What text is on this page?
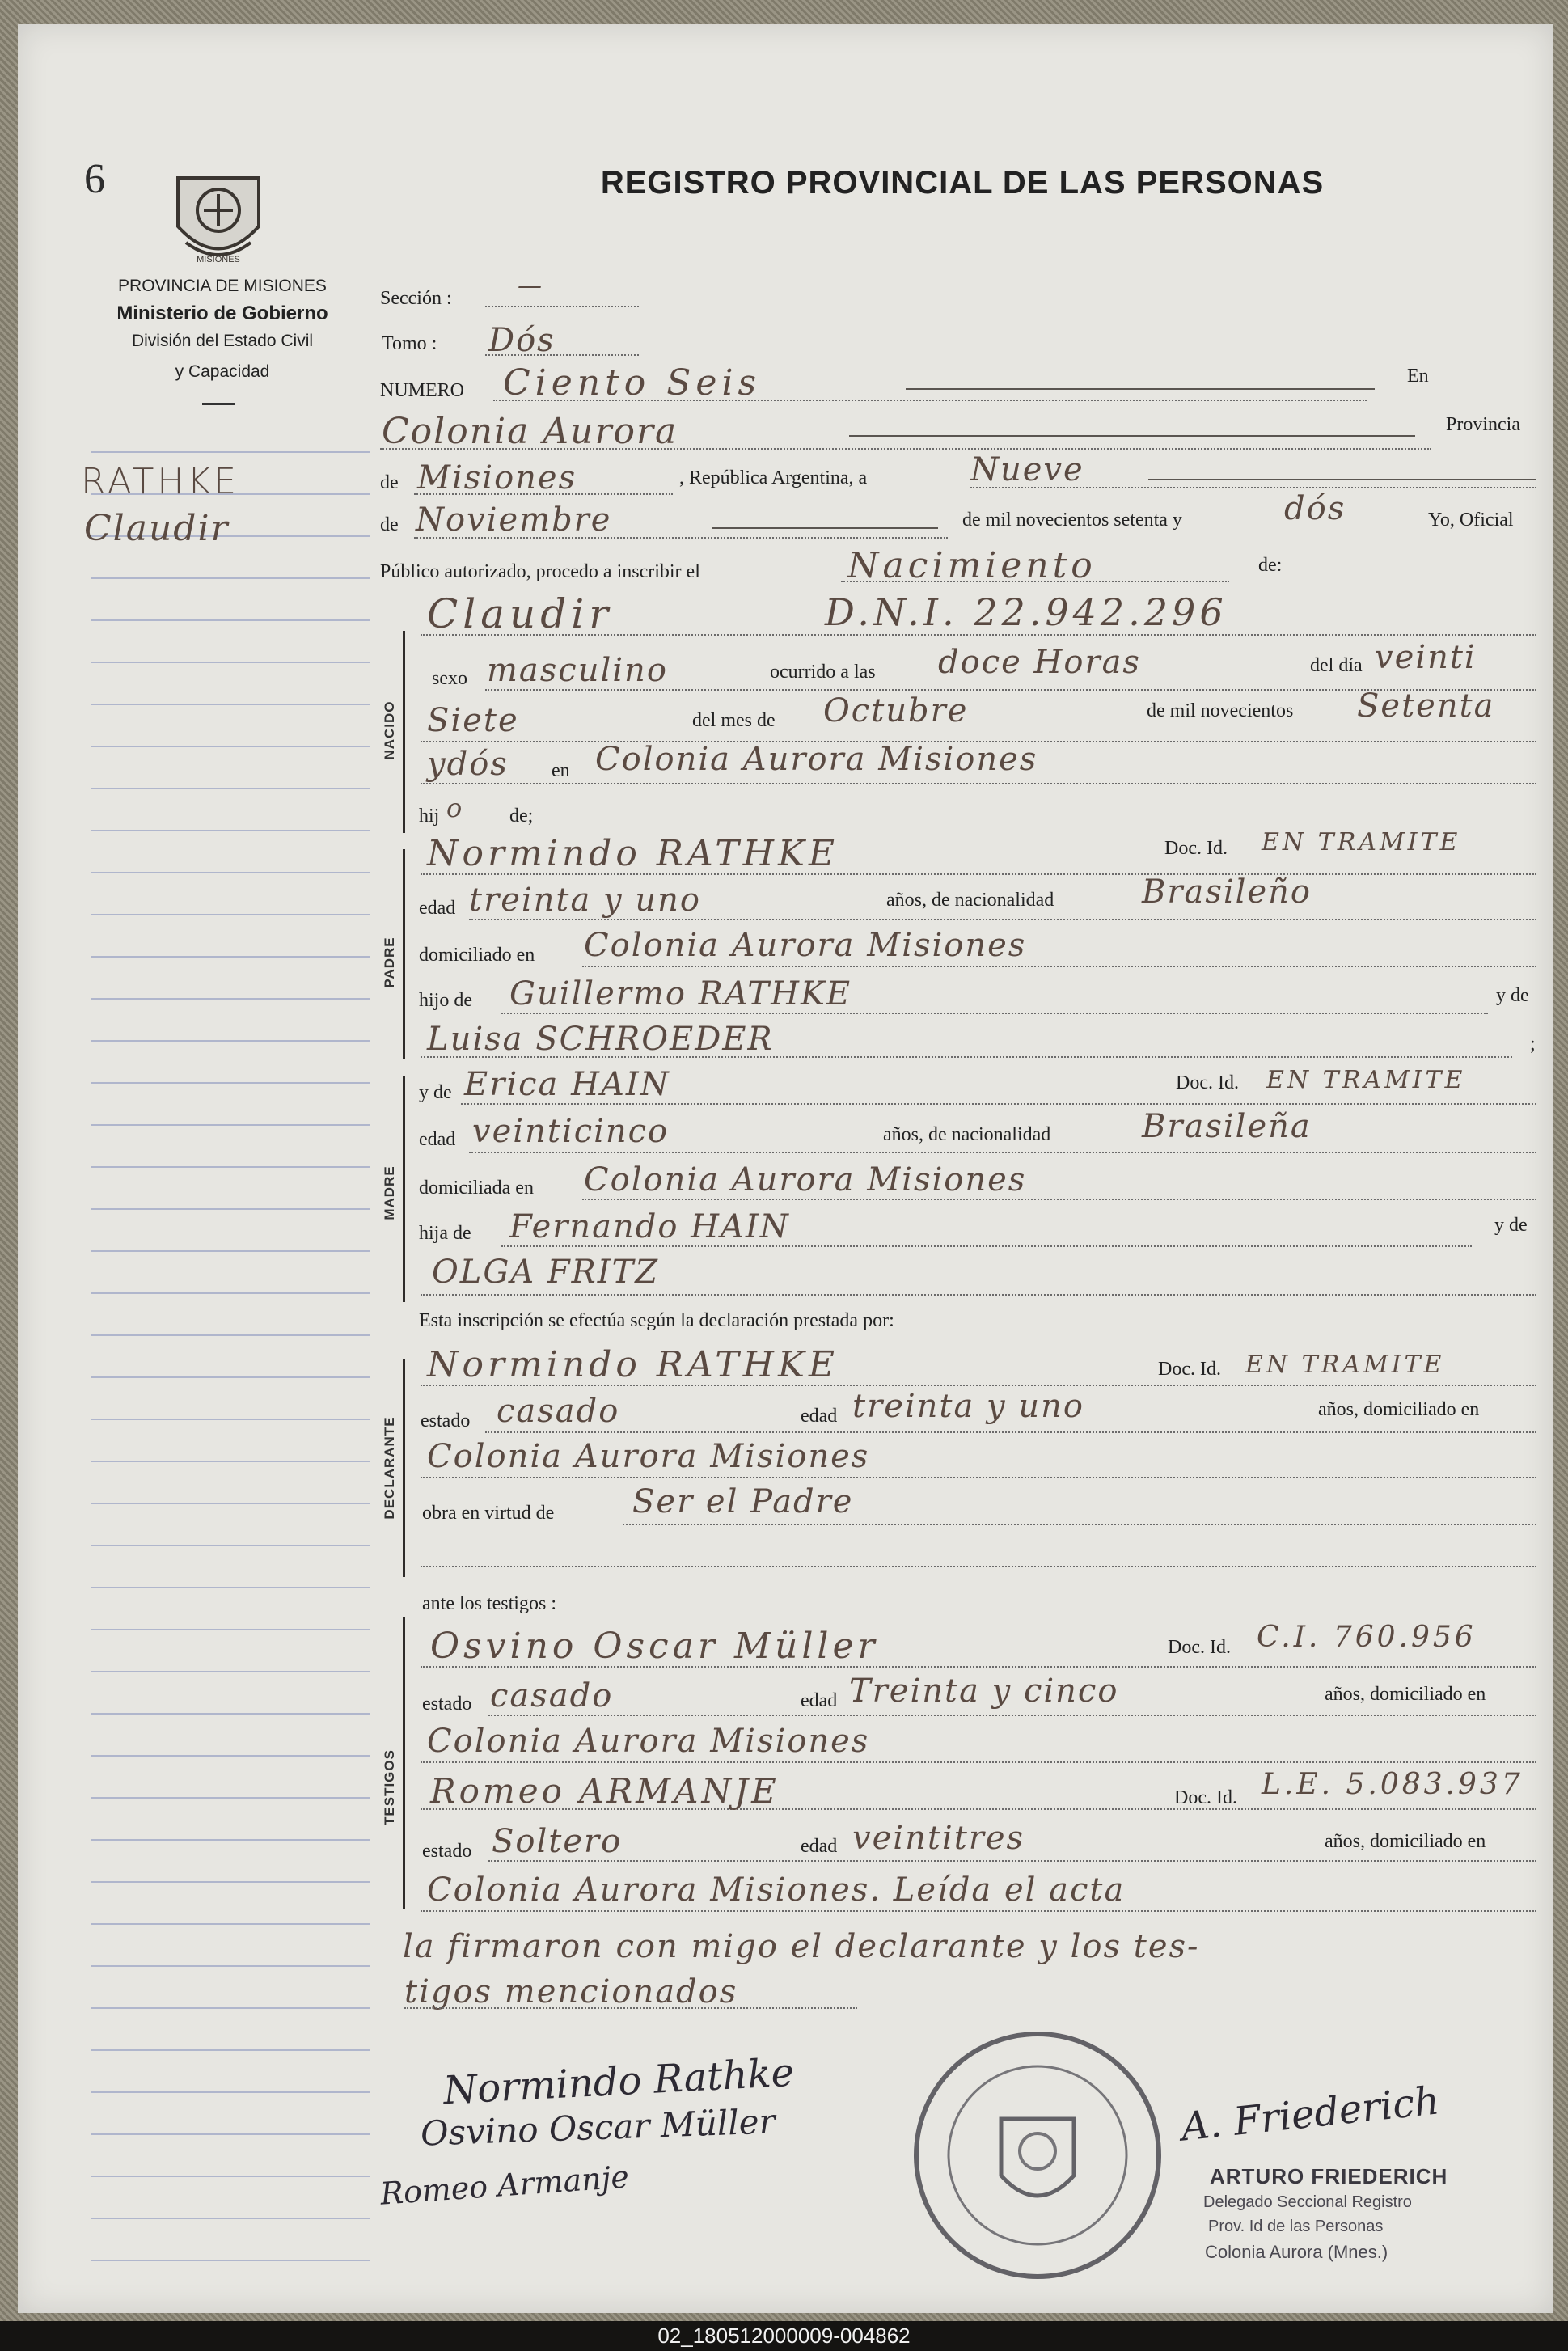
6
MISIONES
PROVINCIA DE MISIONES
Ministerio de Gobierno
División del Estado Civil
y Capacidad
REGISTRO PROVINCIAL DE LAS PERSONAS
RATHKE
Claudir
NACIDO
PADRE
MADRE
DECLARANTE
TESTIGOS
Sección :	—
Tomo : Dós
NUMERO Ciento Seis	En
Colonia Aurora	Provincia
de Misiones	, República Argentina, a	Nueve
de Noviembre	de mil novecientos setenta y	dós	Yo, Oficial
Público autorizado, procedo a inscribir el	Nacimiento	de:
Claudir	D.N.I. 22.942.296
sexo masculino	ocurrido a las doce Horas	del día veinti
Siete	del mes de Octubre	de mil novecientos Setenta
ydós en Colonia Aurora Misiones
hij o de;
Normindo RATHKE	Doc. Id. EN TRAMITE
edad treinta y uno	años, de nacionalidad	Brasileño
domiciliado en Colonia Aurora Misiones
hijo de Guillermo RATHKE	y de
Luisa SCHROEDER	;
y de Erica HAIN	Doc. Id. EN TRAMITE
edad veinticinco	años, de nacionalidad	Brasileña
domiciliada en Colonia Aurora Misiones
hija de Fernando HAIN	y de
OLGA FRITZ
Esta inscripción se efectúa según la declaración prestada por:
Normindo RATHKE	Doc. Id. EN TRAMITE
estado casado	edad treinta y uno	años, domiciliado en
Colonia Aurora Misiones
obra en virtud de Ser el Padre
ante los testigos :
Osvino Oscar Müller	Doc. Id. C.I. 760.956
estado casado	edad Treinta y cinco	años, domiciliado en
Colonia Aurora Misiones
Romeo ARMANJE	Doc. Id. L.E. 5.083.937
estado Soltero	edad veintitres	años, domiciliado en
Colonia Aurora Misiones. Leída el acta
la firmaron con migo el declarante y los tes-
tigos mencionados
Normindo Rathke
Osvino Oscar Müller
Romeo Armanje
A. Friederich
ARTURO FRIEDERICH
Delegado Seccional Registro
Prov. Id de las Personas
Colonia Aurora (Mnes.)
02_180512000009-004862
